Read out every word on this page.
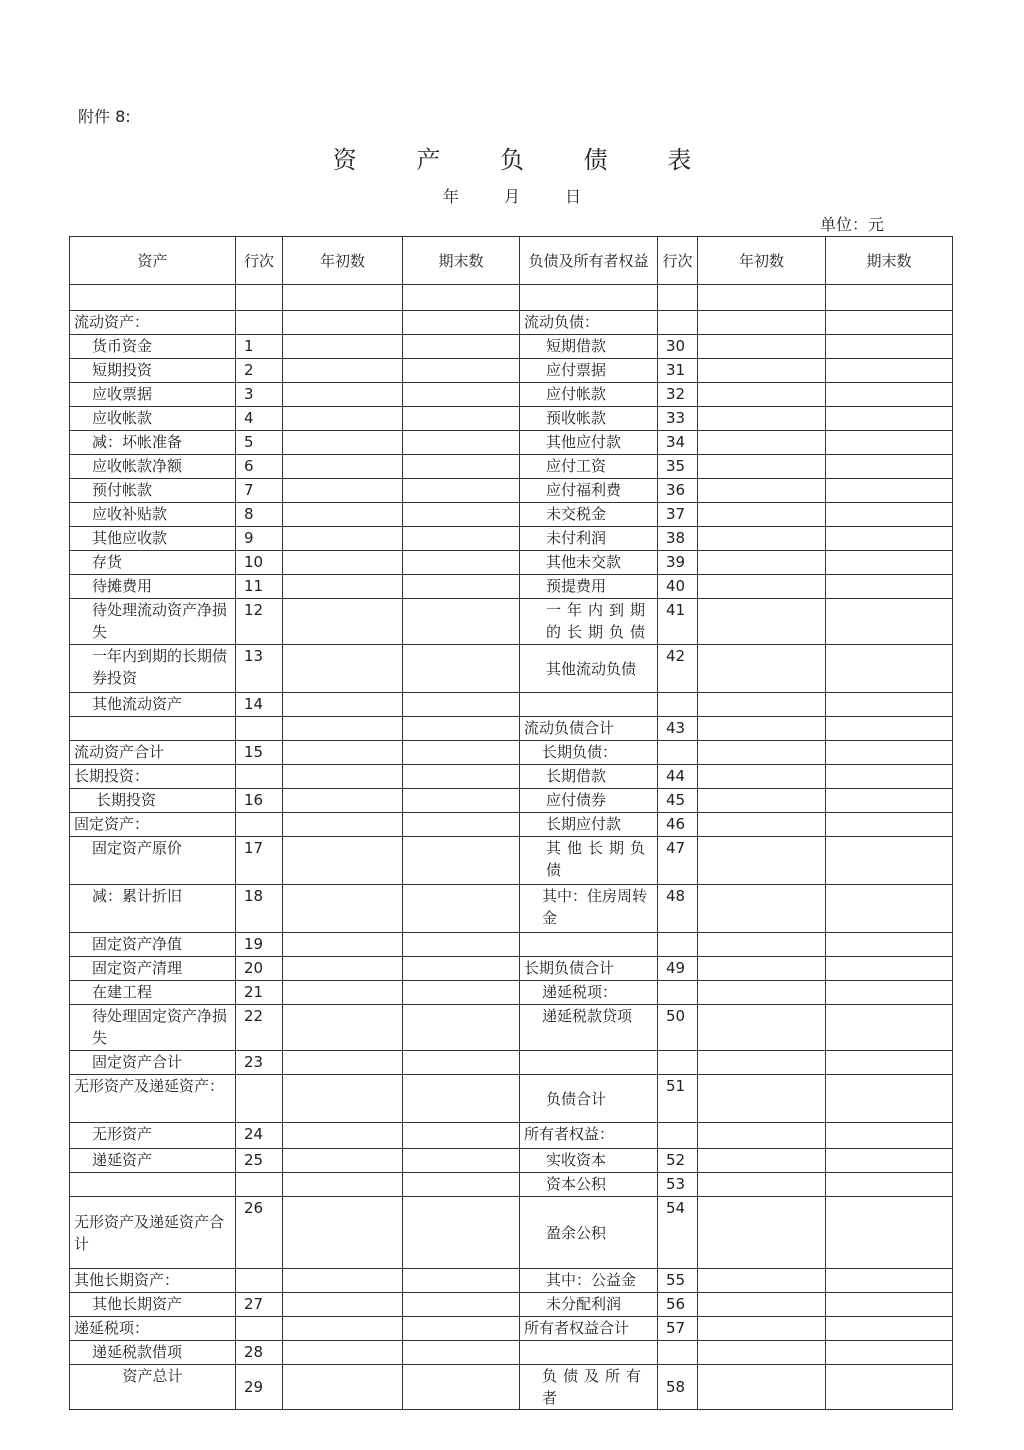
附件 8:
资 产 负 债 表
年 月 日
单位：元
资产	行次	年初数	期末数	负债及所有者权益	行次	年初数	期末数

流动资产：				流动负债：			
货币资金	1			短期借款	30		
短期投资	2			应付票据	31		
应收票据	3			应付帐款	32		
应收帐款	4			预收帐款	33		
减：坏帐准备	5			其他应付款	34		
应收帐款净额	6			应付工资	35		
预付帐款	7			应付福利费	36		
应收补贴款	8			未交税金	37		
其他应收款	9			未付利润	38		
存货	10			其他未交款	39		
待摊费用	11			预提费用	40		
待处理流动资产净损失	12			一年内到期的长期负债	41		
一年内到期的长期债券投资	13			其他流动负债	42		
其他流动资产	14						
				流动负债合计	43		
流动资产合计	15			长期负债：			
长期投资：				长期借款	44		
长期投资	16			应付债券	45		
固定资产：				长期应付款	46		
固定资产原价	17			其他长期负债	47		
减：累计折旧	18			其中：住房周转金	48		
固定资产净值	19						
固定资产清理	20			长期负债合计	49		
在建工程	21			递延税项：			
待处理固定资产净损失	22			递延税款贷项	50		
固定资产合计	23						
无形资产及递延资产：				负债合计	51		
无形资产	24			所有者权益：			
递延资产	25			实收资本	52		
				资本公积	53		
无形资产及递延资产合计	26			盈余公积	54		
其他长期资产：				其中：公益金	55		
其他长期资产	27			未分配利润	56		
递延税项：				所有者权益合计	57		
递延税款借项	28						
资产总计	29			负债及所有者	58		
